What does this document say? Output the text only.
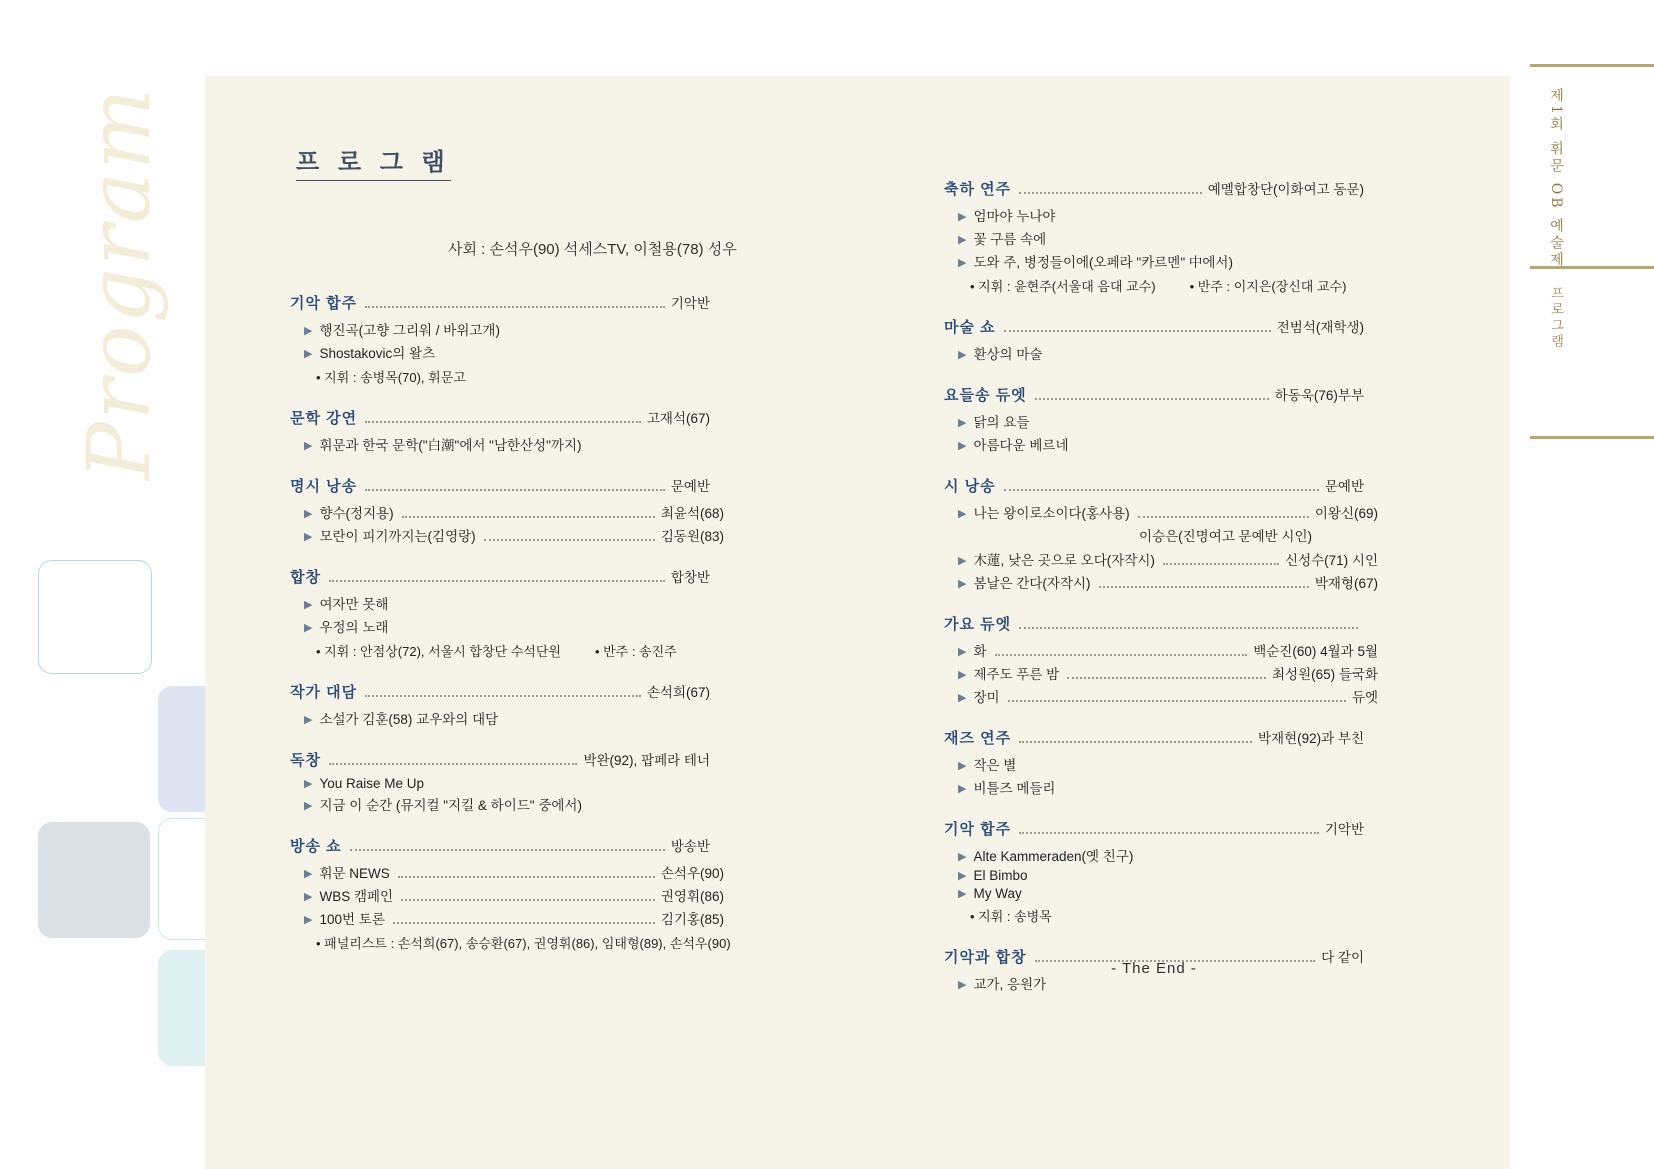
Program	제1회 휘문 OB 예술제
프로그램
프 로 그 램
사회 : 손석우(90) 석세스TV, 이철용(78) 성우
기악 합주	기악반
▶ 행진곡(고향 그리워 / 바위고개)
▶ Shostakovic의 왈츠
• 지휘 : 송병목(70), 휘문고
문학 강연	고재석(67)
▶ 휘문과 한국 문학("白潮"에서 "남한산성"까지)
명시 낭송	문예반
▶ 향수(정지용)	최윤석(68)
▶ 모란이 피기까지는(김영랑)	김동원(83)
합창	합창반
▶ 여자만 못해
▶ 우정의 노래
• 지휘 : 안점상(72), 서울시 합창단 수석단원	• 반주 : 송진주
작가 대담	손석희(67)
▶ 소설가 김훈(58) 교우와의 대담
독창	박완(92), 팝페라 테너
▶ You Raise Me Up
▶ 지금 이 순간 (뮤지컬 "지킬 & 하이드" 중에서)
방송 쇼	방송반
▶ 휘문 NEWS	손석우(90)
▶ WBS 캠페인	권영휘(86)
▶ 100번 토론	김기홍(85)
• 패널리스트 : 손석희(67), 송승환(67), 권영휘(86), 임태형(89), 손석우(90)
축하 연주	예멜합창단(이화여고 동문)
▶ 엄마야 누나야
▶ 꽃 구름 속에
▶ 도와 주, 병정들이에(오페라 "카르멘" 中에서)
• 지휘 : 윤현주(서울대 음대 교수)	• 반주 : 이지은(장신대 교수)
마술 쇼	전범석(재학생)
▶ 환상의 마술
요들송 듀엣	하동욱(76)부부
▶ 닭의 요들
▶ 아름다운 베르네
시 낭송	문예반
▶ 나는 왕이로소이다(홍사용)	이왕신(69)
이승은(진명여고 문예반 시인)
▶ 木蓮, 낮은 곳으로 오다(자작시)	신성수(71) 시인
▶ 봄날은 간다(자작시)	박재형(67)
가요 듀엣
▶ 화	백순진(60) 4월과 5월
▶ 제주도 푸른 밤	최성원(65) 들국화
▶ 장미	듀엣
재즈 연주	박재현(92)과 부친
▶ 작은 별
▶ 비틀즈 메들리
기악 합주	기악반
▶ Alte Kammeraden(옛 친구)
▶ El Bimbo
▶ My Way
• 지휘 : 송병목
기악과 합창	다 같이
▶ 교가, 응원가
- The End -
